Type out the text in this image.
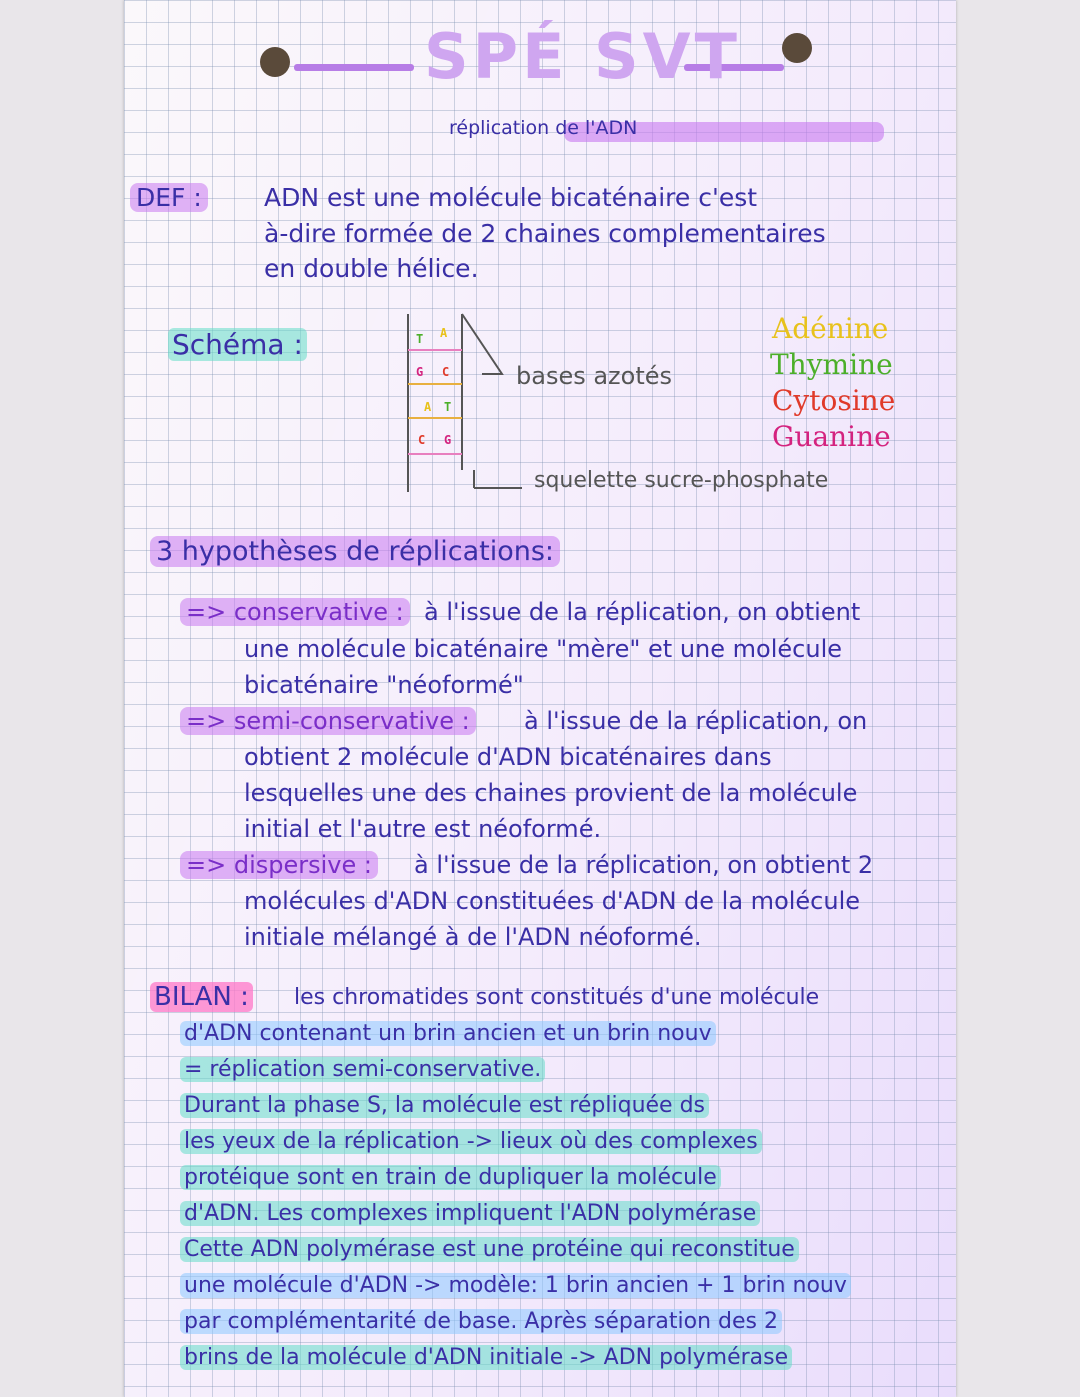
SPÉ SVT
réplication de l'ADN
DEF : ADN est une molécule bicaténaire c'est
à-dire formée de 2 chaines complementaires
en double hélice.
Schéma :	T A
G C
A T
C G
bases azotés
squelette sucre-phosphate
Adénine
Thymine
Cytosine
Guanine
3 hypothèses de réplications:
=> conservative : à l'issue de la réplication, on obtient
une molécule bicaténaire "mère" et une molécule
bicaténaire "néoformé"
=> semi-conservative : à l'issue de la réplication, on
obtient 2 molécule d'ADN bicaténaires dans
lesquelles une des chaines provient de la molécule
initial et l'autre est néoformé.
=> dispersive : à l'issue de la réplication, on obtient 2
molécules d'ADN constituées d'ADN de la molécule
initiale mélangé à de l'ADN néoformé.
BILAN : les chromatides sont constitués d'une molécule
d'ADN contenant un brin ancien et un brin nouv
= réplication semi-conservative.
Durant la phase S, la molécule est répliquée ds
les yeux de la réplication -> lieux où des complexes
protéique sont en train de dupliquer la molécule
d'ADN. Les complexes impliquent l'ADN polymérase
Cette ADN polymérase est une protéine qui reconstitue
une molécule d'ADN -> modèle: 1 brin ancien + 1 brin nouv
par complémentarité de base. Après séparation des 2
brins de la molécule d'ADN initiale -> ADN polymérase
